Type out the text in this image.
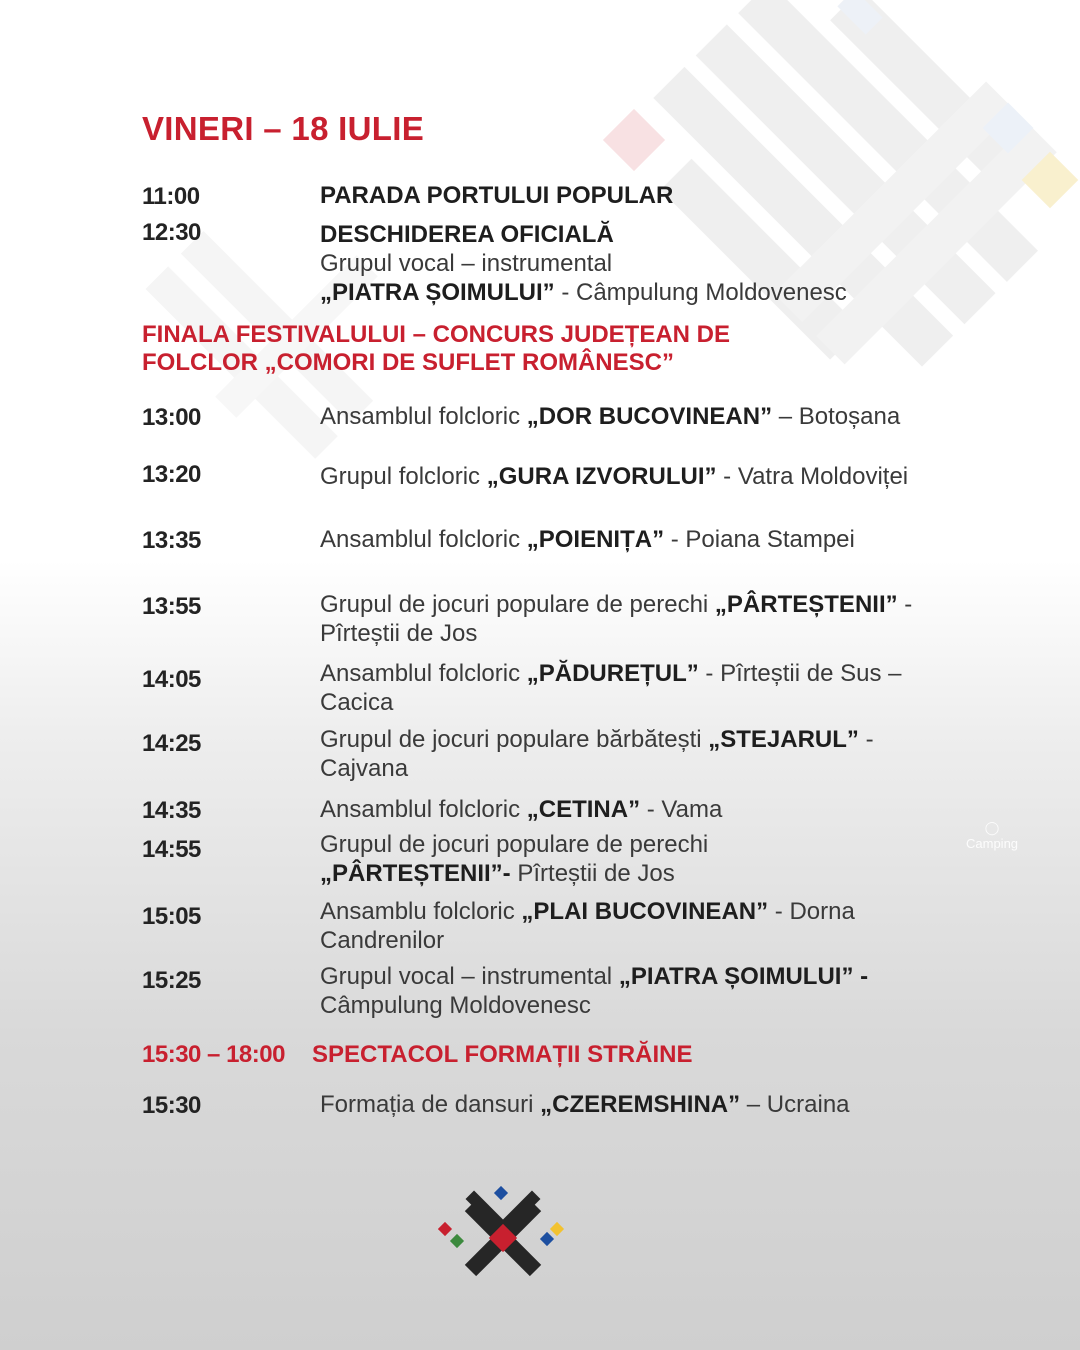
◯
Camping
VINERI – 18 IULIE
11:00	PARADA PORTULUI POPULAR
12:30	DESCHIDEREA OFICIALĂ
Grupul vocal – instrumental
„PIATRA ȘOIMULUI” - Câmpulung Moldovenesc
FINALA FESTIVALULUI – CONCURS JUDEȚEAN DE
FOLCLOR „COMORI DE SUFLET ROMÂNESC”
13:00	Ansamblul folcloric „DOR BUCOVINEAN” – Botoșana
13:20	Grupul folcloric „GURA IZVORULUI” - Vatra Moldoviței
13:35	Ansamblul folcloric „POIENIȚA” - Poiana Stampei
13:55	Grupul de jocuri populare de perechi „PÂRTEȘTENII” -
Pîrteștii de Jos
14:05	Ansamblul folcloric „PĂDUREȚUL” - Pîrteștii de Sus –
Cacica
14:25	Grupul de jocuri populare bărbătești „STEJARUL” -
Cajvana
14:35	Ansamblul folcloric „CETINA” - Vama
14:55	Grupul de jocuri populare de perechi
„PÂRTEȘTENII”- Pîrteștii de Jos
15:05	Ansamblu folcloric „PLAI BUCOVINEAN” - Dorna
Candrenilor
15:25	Grupul vocal – instrumental „PIATRA ȘOIMULUI” -
Câmpulung Moldovenesc
15:30 – 18:00 SPECTACOL FORMAȚII STRĂINE
15:30	Formația de dansuri „CZEREMSHINA” – Ucraina
